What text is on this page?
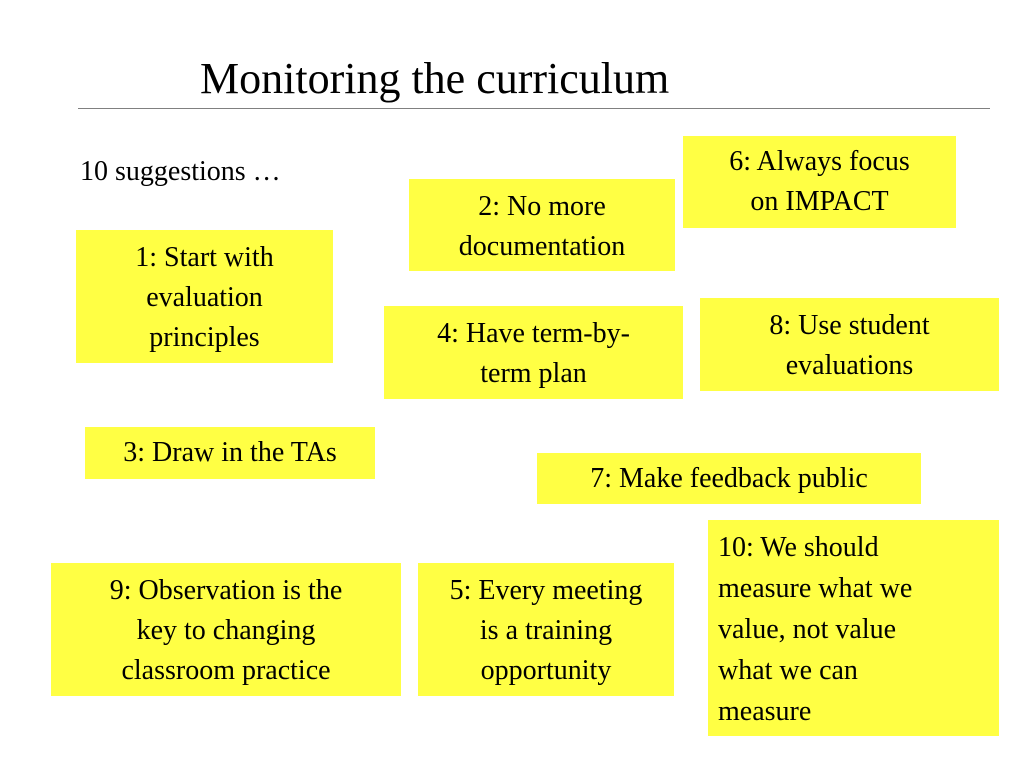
Monitoring the curriculum
10 suggestions …
1: Start with
evaluation
principles
2: No more
documentation
3: Draw in the TAs
4: Have term-by-
term plan
5: Every meeting
is a training
opportunity
6: Always focus
on IMPACT
7: Make feedback public
8: Use student
evaluations
9: Observation is the
key to changing
classroom practice
10: We should
measure what we
value, not value
what we can
measure
